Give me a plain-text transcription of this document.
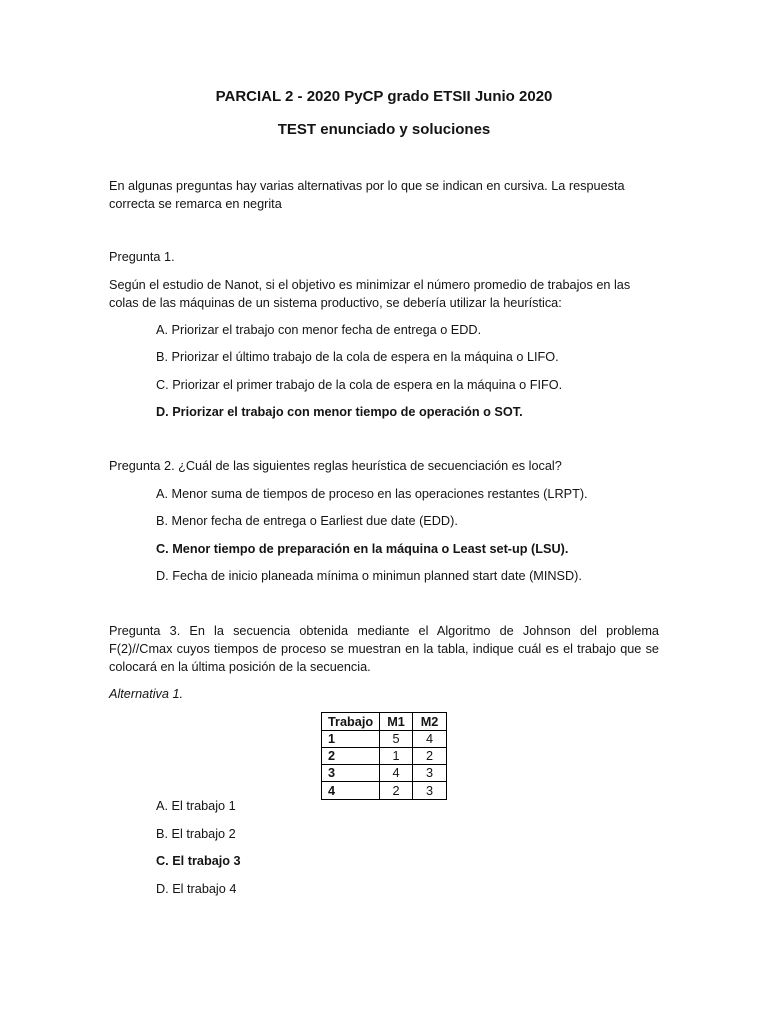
PARCIAL 2 - 2020 PyCP grado ETSII Junio 2020
TEST enunciado y soluciones
En algunas preguntas hay varias alternativas por lo que se indican en cursiva. La respuesta
correcta se remarca en negrita
Pregunta 1.
Según el estudio de Nanot, si el objetivo es minimizar el número promedio de trabajos en las
colas de las máquinas de un sistema productivo, se debería utilizar la heurística:
A. Priorizar el trabajo con menor fecha de entrega o EDD.
B. Priorizar el último trabajo de la cola de espera en la máquina o LIFO.
C. Priorizar el primer trabajo de la cola de espera en la máquina o FIFO.
D. Priorizar el trabajo con menor tiempo de operación o SOT.
Pregunta 2. ¿Cuál de las siguientes reglas heurística de secuenciación es local?
A. Menor suma de tiempos de proceso en las operaciones restantes (LRPT).
B. Menor fecha de entrega o Earliest due date (EDD).
C. Menor tiempo de preparación en la máquina o Least set-up (LSU).
D. Fecha de inicio planeada mínima o minimun planned start date (MINSD).
Pregunta 3. En la secuencia obtenida mediante el Algoritmo de Johnson del problema
F(2)//Cmax cuyos tiempos de proceso se muestran en la tabla, indique cuál es el trabajo que se
colocará en la última posición de la secuencia.
Alternativa 1.
Trabajo	M1	M2
1	5	4
2	1	2
3	4	3
4	2	3
A. El trabajo 1
B. El trabajo 2
C. El trabajo 3
D. El trabajo 4
